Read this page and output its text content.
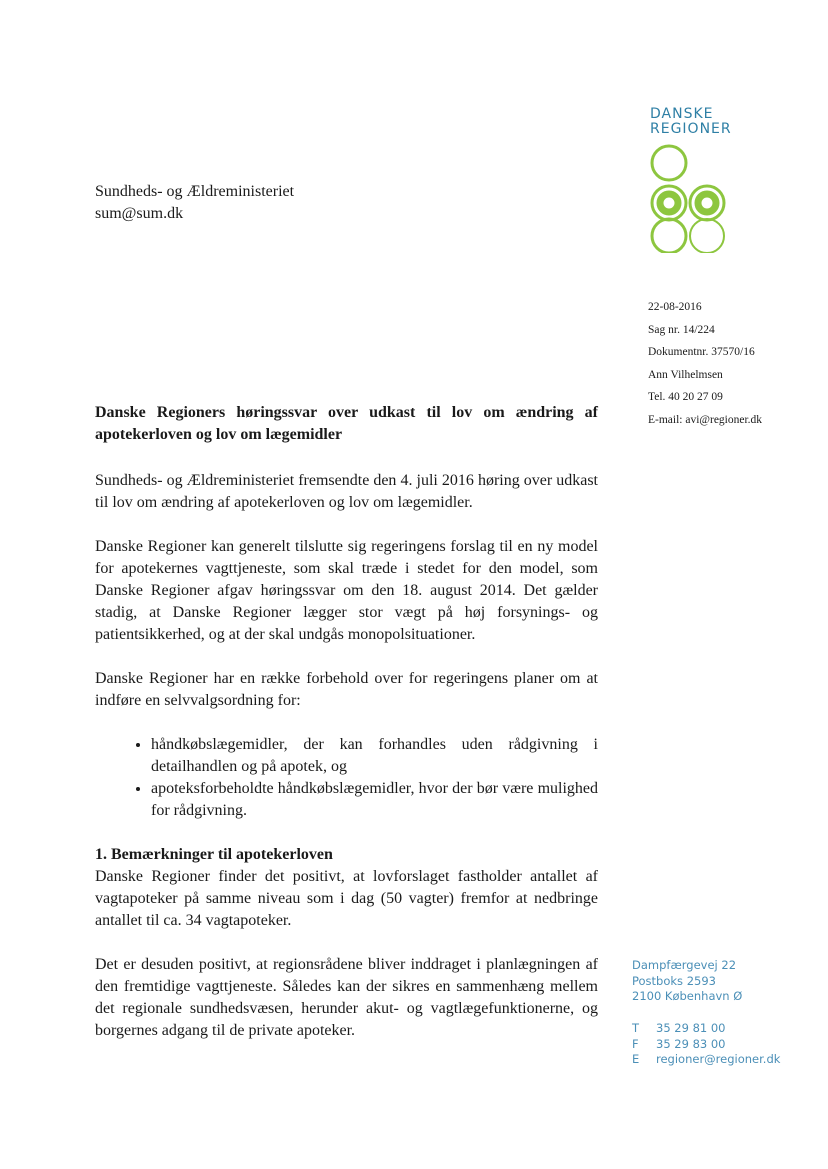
DANSKE

REGIONER

Sundheds- og Ældreministeriet
sum@sum.dk
22-08-2016
Sag nr. 14/224
Dokumentnr. 37570/16
Ann Vilhelmsen
Tel. 40 20 27 09
E-mail: avi@regioner.dk
Danske Regioners høringssvar over udkast til lov om ændring af apotekerloven og lov om lægemidler

Sundheds- og Ældreministeriet fremsendte den 4. juli 2016 høring over udkast til lov om ændring af apotekerloven og lov om lægemidler.

Danske Regioner kan generelt tilslutte sig regeringens forslag til en ny model for apotekernes vagttjeneste, som skal træde i stedet for den model, som Danske Regioner afgav høringssvar om den 18. august 2014. Det gælder stadig, at Danske Regioner lægger stor vægt på høj forsynings- og patientsikkerhed, og at der skal undgås monopolsituationer.

Danske Regioner har en række forbehold over for regeringens planer om at indføre en selvvalgsordning for:

• håndkøbslægemidler, der kan forhandles uden rådgivning i detailhandlen og på apotek, og
• apoteksforbeholdte håndkøbslægemidler, hvor der bør være mulighed for rådgivning.
1. Bemærkninger til apotekerloven

Danske Regioner finder det positivt, at lovforslaget fastholder antallet af vagtapoteker på samme niveau som i dag (50 vagter) fremfor at nedbringe antallet til ca. 34 vagtapoteker.

Det er desuden positivt, at regionsrådene bliver inddraget i planlægningen af den fremtidige vagttjeneste. Således kan der sikres en sammenhæng mellem det regionale sundhedsvæsen, herunder akut- og vagtlægefunktionerne, og borgernes adgang til de private apoteker.

Dampfærgevej 22
Postboks 2593
2100 København Ø
T 35 29 81 00
F 35 29 83 00
E regioner@regioner.dk
